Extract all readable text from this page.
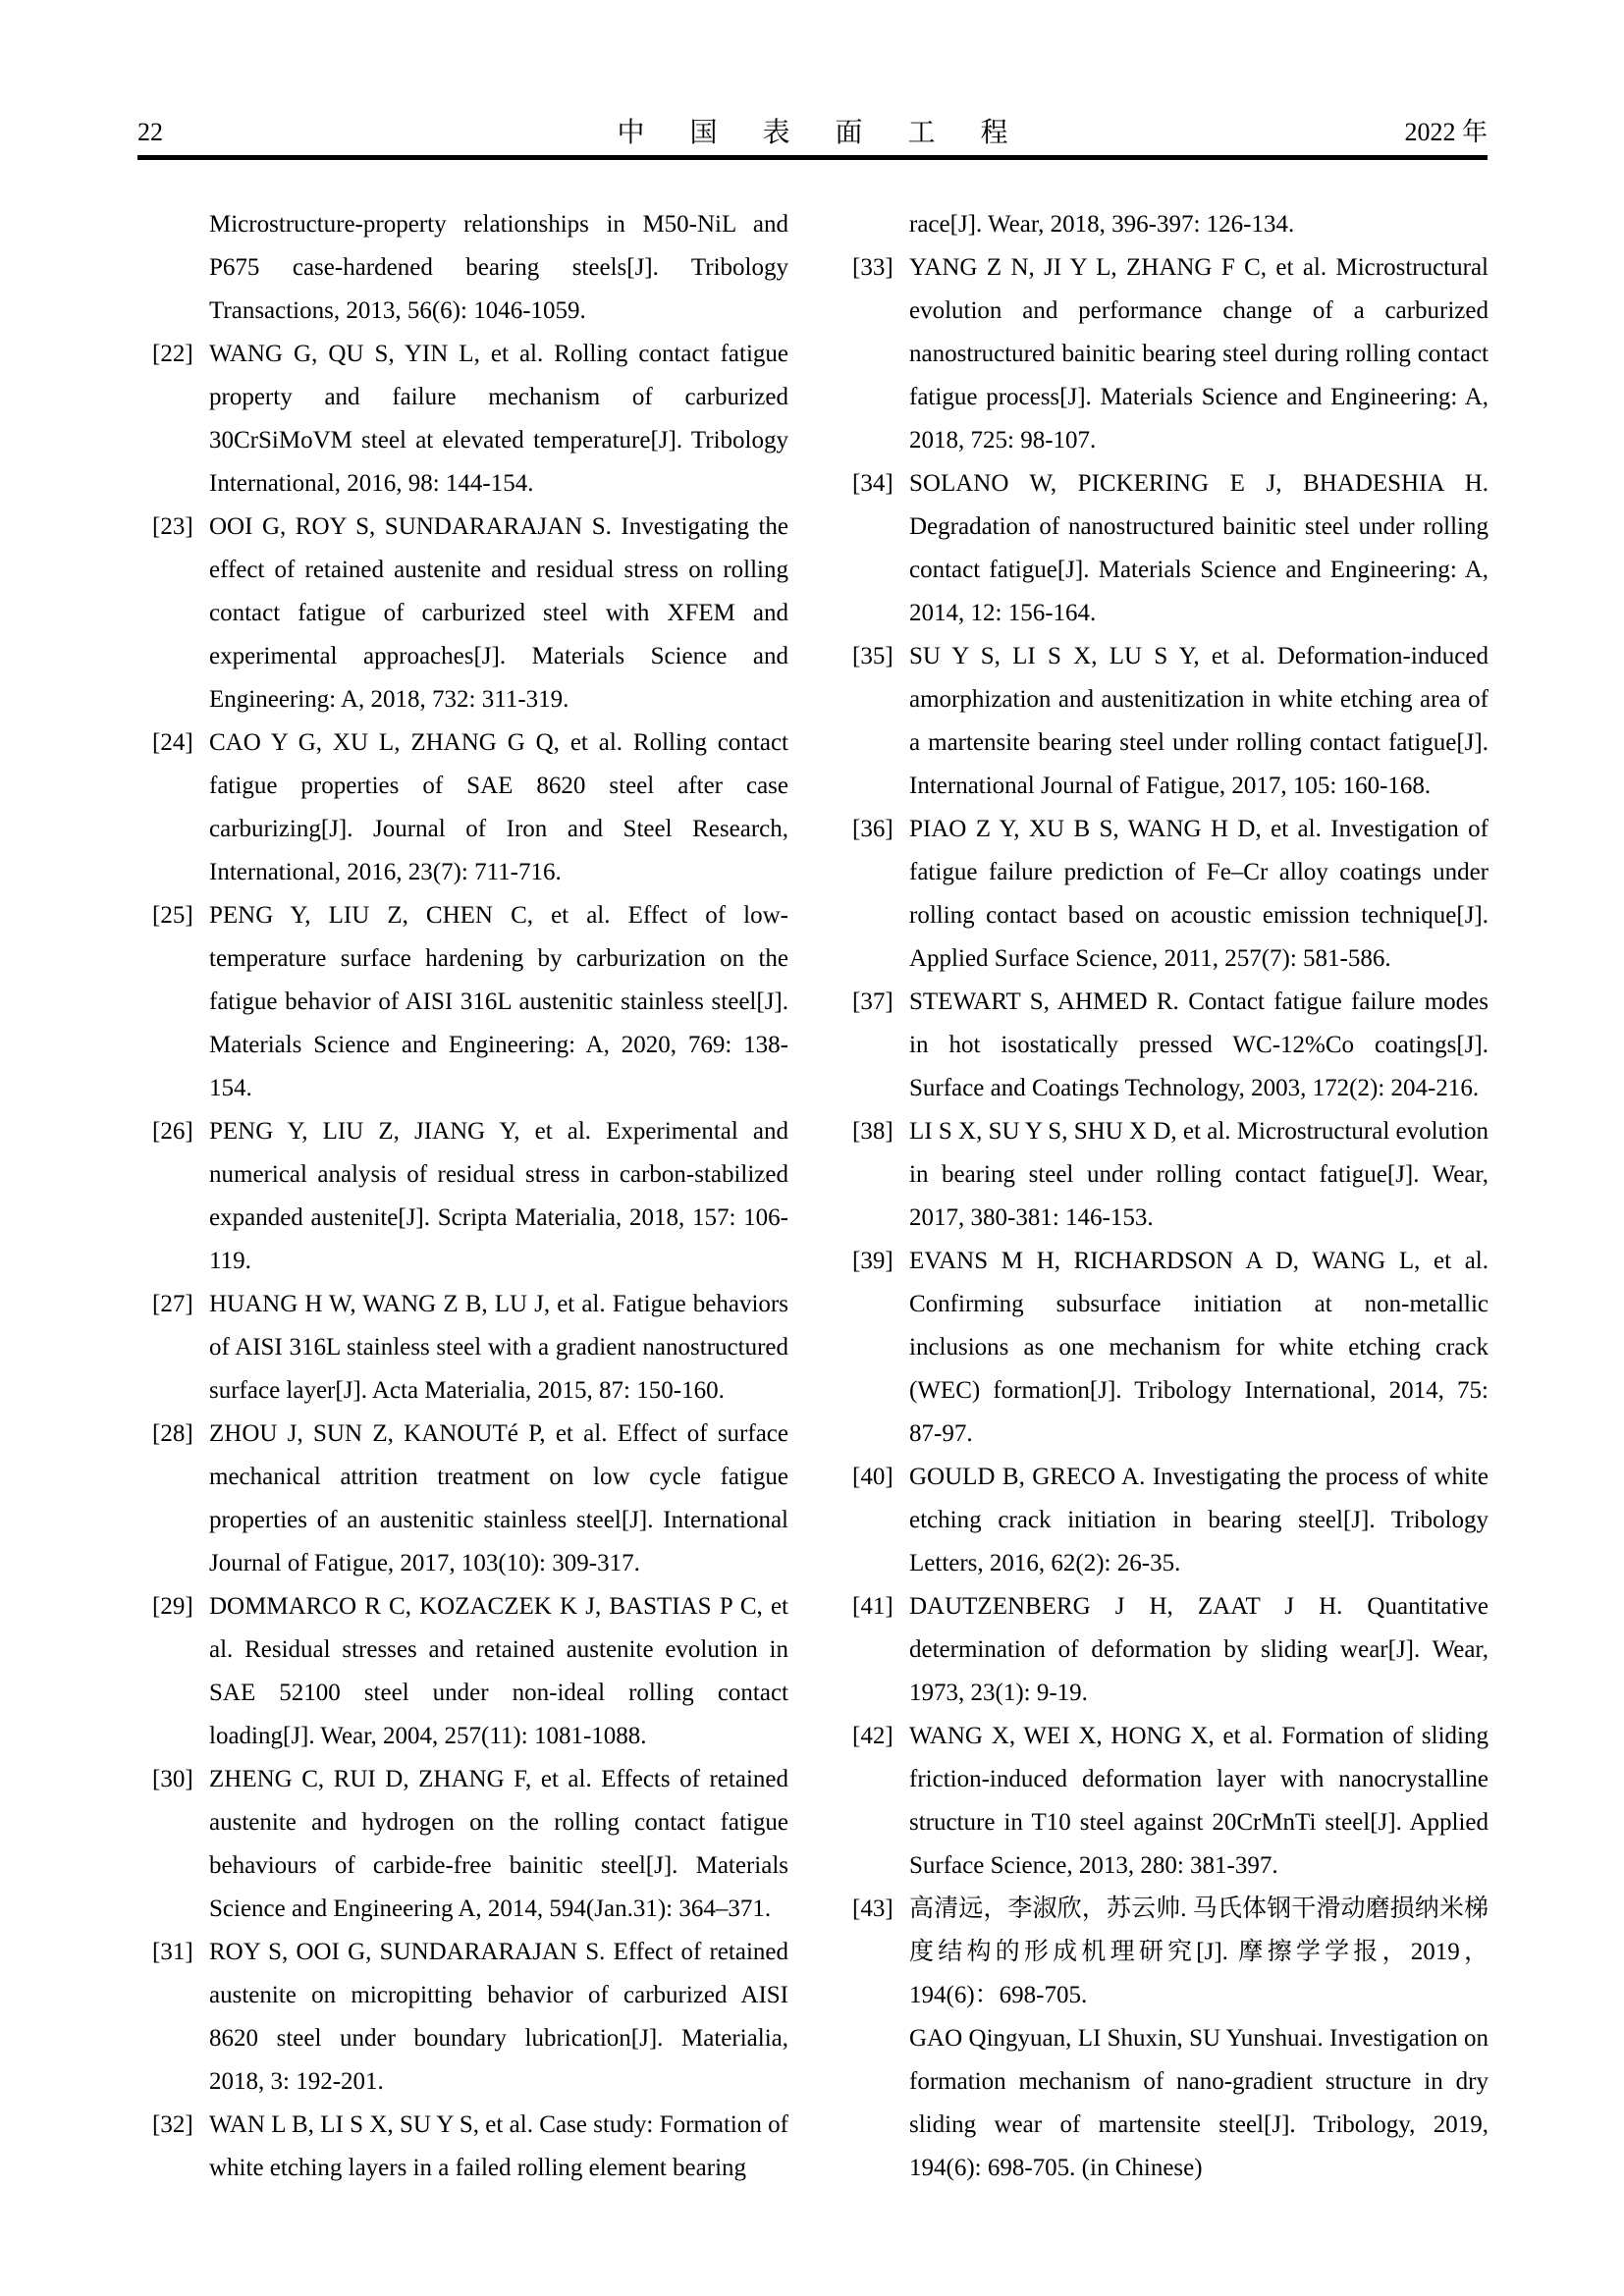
22	中国表面工程	2022 年
Microstructure-property relationships in M50-NiL and P675 case-hardened bearing steels[J]. Tribology Transactions, 2013, 56(6): 1046-1059.
[22] WANG G, QU S, YIN L, et al. Rolling contact fatigue property and failure mechanism of carburized 30CrSiMoVM steel at elevated temperature[J]. Tribology International, 2016, 98: 144-154.
[23] OOI G, ROY S, SUNDARARAJAN S. Investigating the effect of retained austenite and residual stress on rolling contact fatigue of carburized steel with XFEM and experimental approaches[J]. Materials Science and Engineering: A, 2018, 732: 311-319.
[24] CAO Y G, XU L, ZHANG G Q, et al. Rolling contact fatigue properties of SAE 8620 steel after case carburizing[J]. Journal of Iron and Steel Research, International, 2016, 23(7): 711-716.
[25] PENG Y, LIU Z, CHEN C, et al. Effect of low-temperature surface hardening by carburization on the fatigue behavior of AISI 316L austenitic stainless steel[J]. Materials Science and Engineering: A, 2020, 769: 138-154.
[26] PENG Y, LIU Z, JIANG Y, et al. Experimental and numerical analysis of residual stress in carbon-stabilized expanded austenite[J]. Scripta Materialia, 2018, 157: 106-119.
[27] HUANG H W, WANG Z B, LU J, et al. Fatigue behaviors of AISI 316L stainless steel with a gradient nanostructured surface layer[J]. Acta Materialia, 2015, 87: 150-160.
[28] ZHOU J, SUN Z, KANOUTé P, et al. Effect of surface mechanical attrition treatment on low cycle fatigue properties of an austenitic stainless steel[J]. International Journal of Fatigue, 2017, 103(10): 309-317.
[29] DOMMARCO R C, KOZACZEK K J, BASTIAS P C, et al. Residual stresses and retained austenite evolution in SAE 52100 steel under non-ideal rolling contact loading[J]. Wear, 2004, 257(11): 1081-1088.
[30] ZHENG C, RUI D, ZHANG F, et al. Effects of retained austenite and hydrogen on the rolling contact fatigue behaviours of carbide-free bainitic steel[J]. Materials Science and Engineering A, 2014, 594(Jan.31): 364–371.
[31] ROY S, OOI G, SUNDARARAJAN S. Effect of retained austenite on micropitting behavior of carburized AISI 8620 steel under boundary lubrication[J]. Materialia, 2018, 3: 192-201.
[32] WAN L B, LI S X, SU Y S, et al. Case study: Formation of white etching layers in a failed rolling element bearing
race[J]. Wear, 2018, 396-397: 126-134.
[33] YANG Z N, JI Y L, ZHANG F C, et al. Microstructural evolution and performance change of a carburized nanostructured bainitic bearing steel during rolling contact fatigue process[J]. Materials Science and Engineering: A, 2018, 725: 98-107.
[34] SOLANO W, PICKERING E J, BHADESHIA H. Degradation of nanostructured bainitic steel under rolling contact fatigue[J]. Materials Science and Engineering: A, 2014, 12: 156-164.
[35] SU Y S, LI S X, LU S Y, et al. Deformation-induced amorphization and austenitization in white etching area of a martensite bearing steel under rolling contact fatigue[J]. International Journal of Fatigue, 2017, 105: 160-168.
[36] PIAO Z Y, XU B S, WANG H D, et al. Investigation of fatigue failure prediction of Fe–Cr alloy coatings under rolling contact based on acoustic emission technique[J]. Applied Surface Science, 2011, 257(7): 581-586.
[37] STEWART S, AHMED R. Contact fatigue failure modes in hot isostatically pressed WC-12%Co coatings[J]. Surface and Coatings Technology, 2003, 172(2): 204-216.
[38] LI S X, SU Y S, SHU X D, et al. Microstructural evolution in bearing steel under rolling contact fatigue[J]. Wear, 2017, 380-381: 146-153.
[39] EVANS M H, RICHARDSON A D, WANG L, et al. Confirming subsurface initiation at non-metallic inclusions as one mechanism for white etching crack (WEC) formation[J]. Tribology International, 2014, 75: 87-97.
[40] GOULD B, GRECO A. Investigating the process of white etching crack initiation in bearing steel[J]. Tribology Letters, 2016, 62(2): 26-35.
[41] DAUTZENBERG J H, ZAAT J H. Quantitative determination of deformation by sliding wear[J]. Wear, 1973, 23(1): 9-19.
[42] WANG X, WEI X, HONG X, et al. Formation of sliding friction-induced deformation layer with nanocrystalline structure in T10 steel against 20CrMnTi steel[J]. Applied Surface Science, 2013, 280: 381-397.
[43] 高清远，李淑欣，苏云帅. 马氏体钢干滑动磨损纳米梯度结构的形成机理研究[J]. 摩擦学学报，2019，194(6)：698-705.
GAO Qingyuan, LI Shuxin, SU Yunshuai. Investigation on formation mechanism of nano-gradient structure in dry sliding wear of martensite steel[J]. Tribology, 2019, 194(6): 698-705. (in Chinese)
